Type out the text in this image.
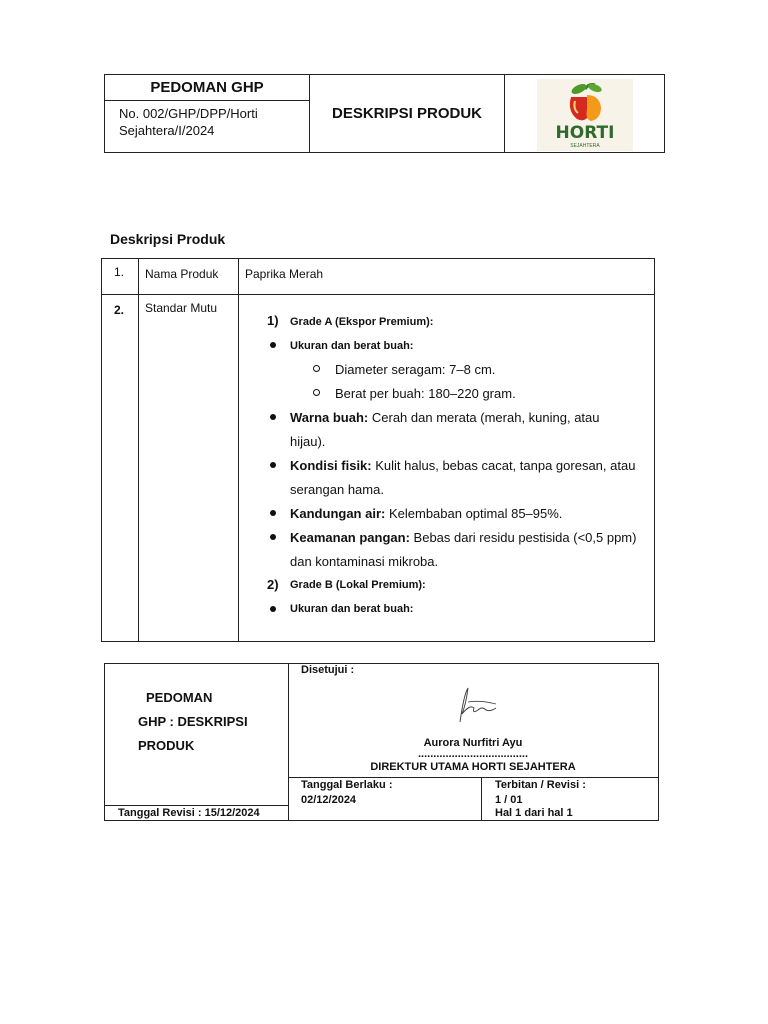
PEDOMAN GHP
No. 002/GHP/DPP/Horti Sejahtera/I/2024
DESKRIPSI PRODUK
HORTI
SEJAHTERA
Deskripsi Produk
1. Nama Produk Paprika Merah
2. Standar Mutu
1) Grade A (Ekspor Premium):
Ukuran dan berat buah:
Diameter seragam: 7–8 cm.
Berat per buah: 180–220 gram.
Warna buah: Cerah dan merata (merah, kuning, atau
hijau).
Kondisi fisik: Kulit halus, bebas cacat, tanpa goresan, atau
serangan hama.
Kandungan air: Kelembaban optimal 85–95%.
Keamanan pangan: Bebas dari residu pestisida (<0,5 ppm)
dan kontaminasi mikroba.
2) Grade B (Lokal Premium):
Ukuran dan berat buah:
PEDOMAN
GHP : DESKRIPSI
PRODUK
Disetujui :
Aurora Nurfitri Ayu
....................................
DIREKTUR UTAMA HORTI SEJAHTERA
Tanggal Berlaku :
02/12/2024
Terbitan / Revisi :
1 / 01
Tanggal Revisi : 15/12/2024	Hal 1 dari hal 1
